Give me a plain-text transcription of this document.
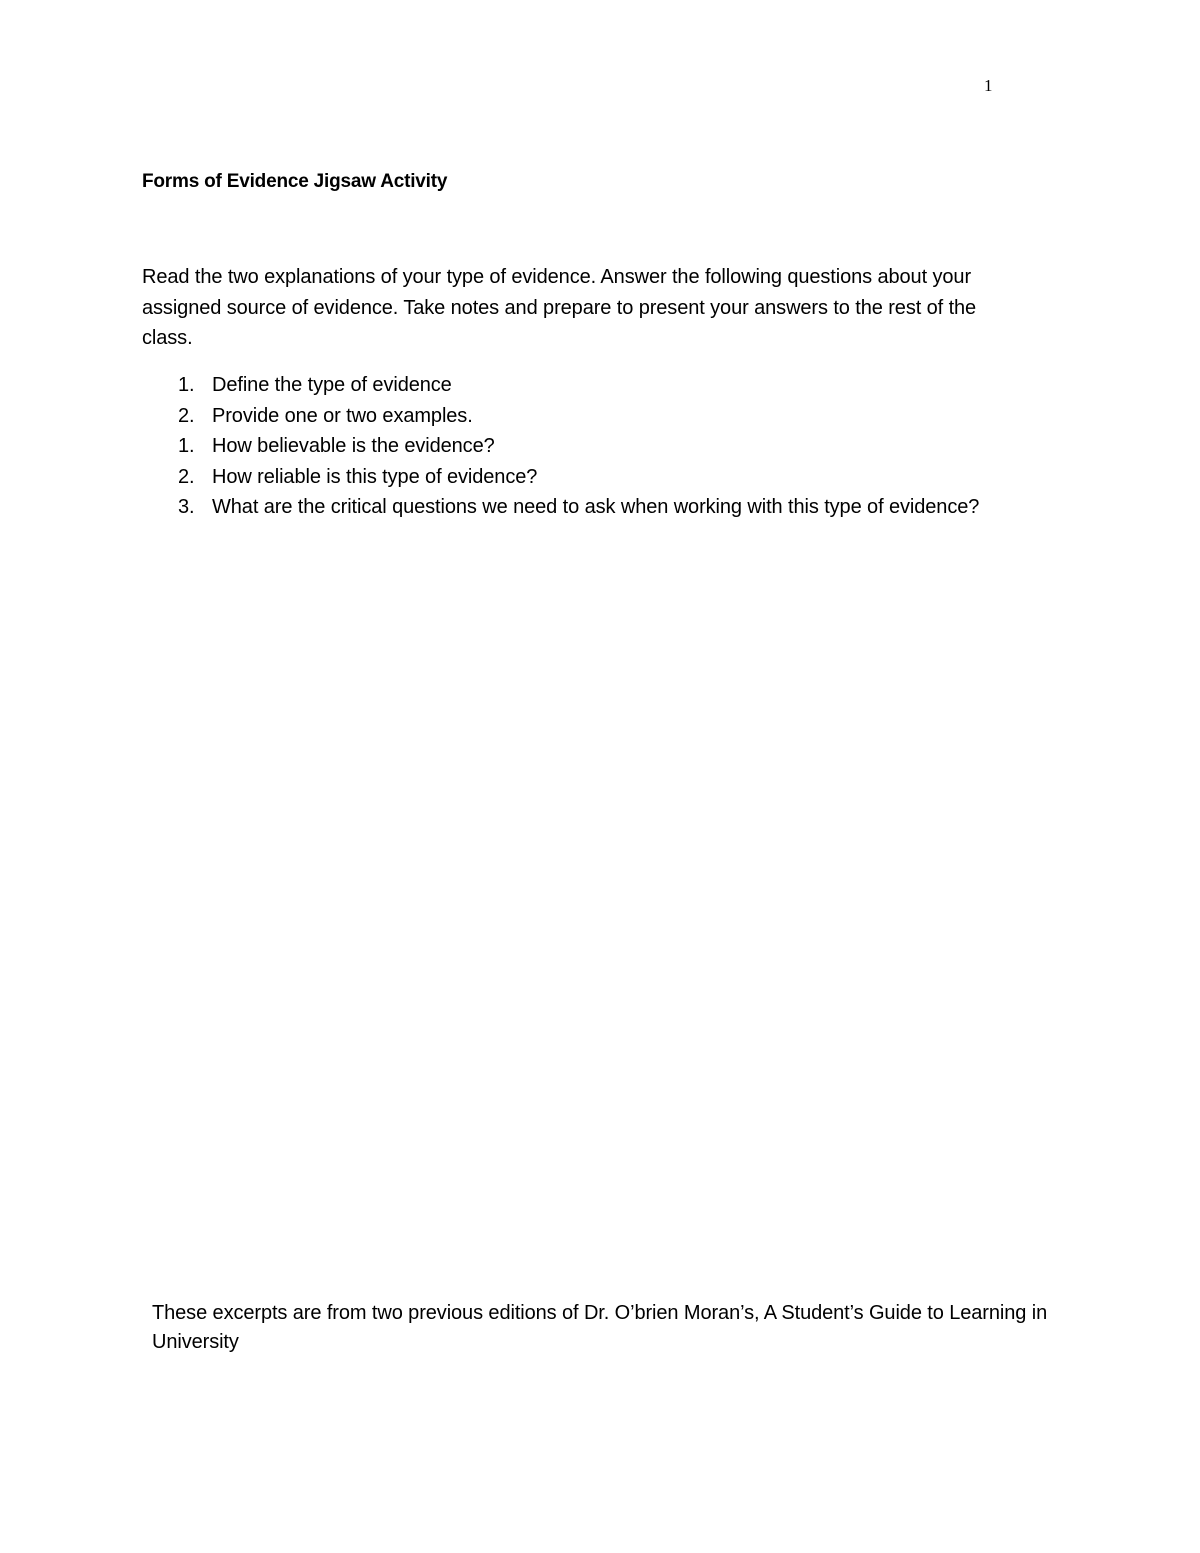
1
Forms of Evidence Jigsaw Activity
Read the two explanations of your type of evidence. Answer the following questions about your assigned source of evidence. Take notes and prepare to present your answers to the rest of the class.
1. Define the type of evidence
2. Provide one or two examples.
1. How believable is the evidence?
2. How reliable is this type of evidence?
3. What are the critical questions we need to ask when working with this type of evidence?
These excerpts are from two previous editions of Dr. O’brien Moran’s, A Student’s Guide to Learning in University
